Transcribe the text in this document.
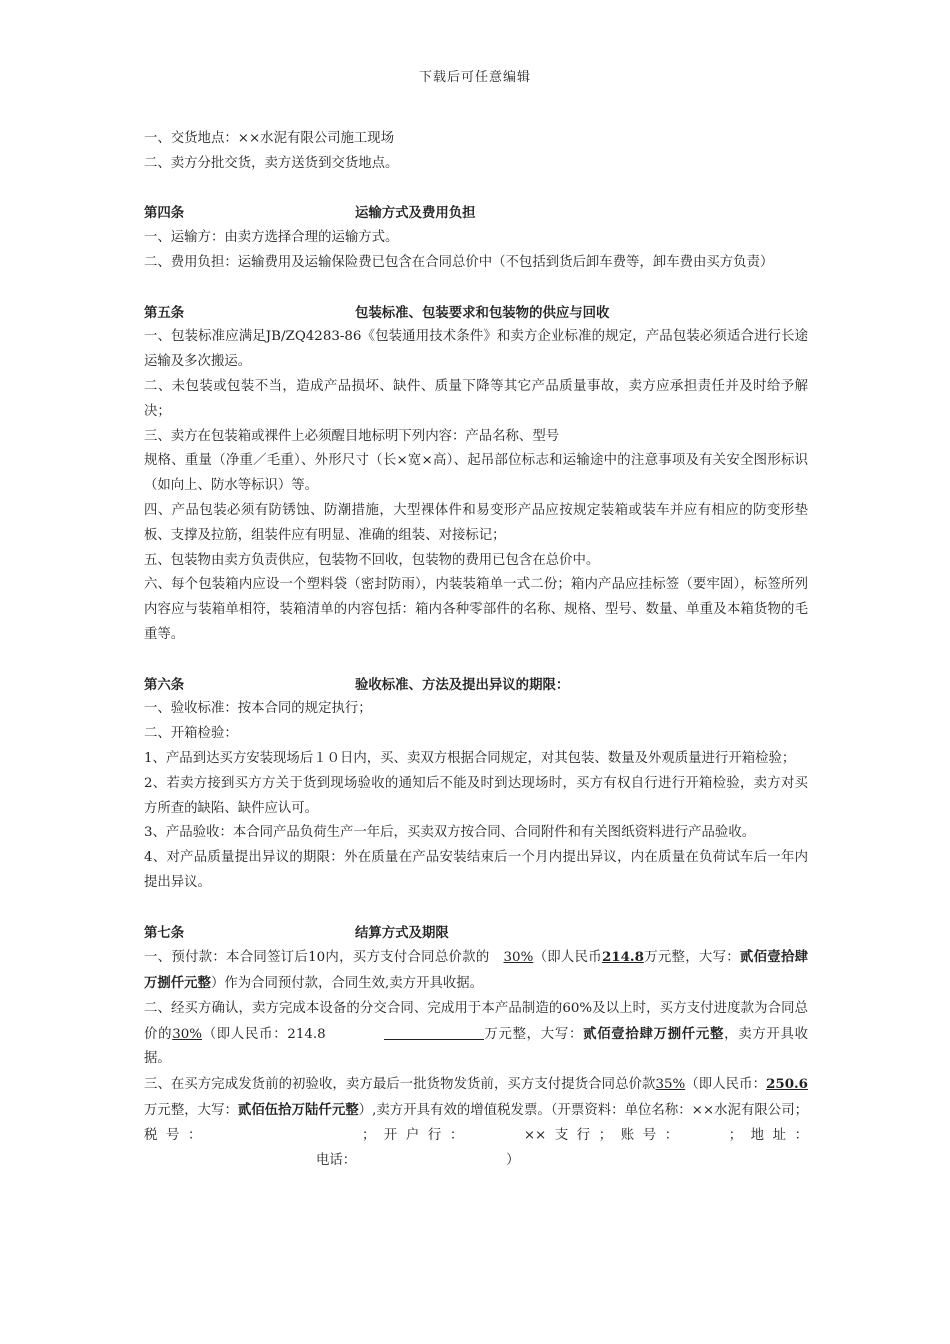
下载后可任意编辑

一、交货地点：××水泥有限公司施工现场

二、卖方分批交货，卖方送货到交货地点。

第四条	运输方式及费用负担

一、运输方：由卖方选择合理的运输方式。

二、费用负担：运输费用及运输保险费已包含在合同总价中（不包括到货后卸车费等，卸车费由买方负责）

第五条	包装标准、包装要求和包装物的供应与回收

一、包装标准应满足JB/ZQ4283-86《包装通用技术条件》和卖方企业标准的规定，产品包装必须适合进行长途运输及多次搬运。

二、未包装或包装不当，造成产品损坏、缺件、质量下降等其它产品质量事故，卖方应承担责任并及时给予解决；

三、卖方在包装箱或裸件上必须醒目地标明下列内容：产品名称、型号

规格、重量（净重／毛重）、外形尺寸（长×宽×高）、起吊部位标志和运输途中的注意事项及有关安全图形标识（如向上、防水等标识）等。

四、产品包装必须有防锈蚀、防潮措施，大型裸体件和易变形产品应按规定装箱或装车并应有相应的防变形垫板、支撑及拉筋，组装件应有明显、准确的组装、对接标记；

五、包装物由卖方负责供应，包装物不回收，包装物的费用已包含在总价中。

六、每个包装箱内应设一个塑料袋（密封防雨），内装装箱单一式二份；箱内产品应挂标签（要牢固），标签所列内容应与装箱单相符，装箱清单的内容包括：箱内各种零部件的名称、规格、型号、数量、单重及本箱货物的毛重等。

第六条	验收标准、方法及提出异议的期限：

一、验收标准：按本合同的规定执行；

二、开箱检验：

1、产品到达买方安装现场后１０日内，买、卖双方根据合同规定，对其包装、数量及外观质量进行开箱检验；

2、若卖方接到买方方关于货到现场验收的通知后不能及时到达现场时，买方有权自行进行开箱检验，卖方对买方所查的缺陷、缺件应认可。

3、产品验收：本合同产品负荷生产一年后，买卖双方按合同、合同附件和有关图纸资料进行产品验收。

4、对产品质量提出异议的期限：外在质量在产品安装结束后一个月内提出异议，内在质量在负荷试车后一年内提出异议。

第七条	结算方式及期限

一、预付款：本合同签订后10内，买方支付合同总价款的 30%（即人民币214.8万元整，大写：贰佰壹拾肆万捌仟元整）作为合同预付款，合同生效,卖方开具收据。

二、经买方确认，卖方完成本设备的分交合同、完成用于本产品制造的60%及以上时，买方支付进度款为合同总价的30%（即人民币：214.8	万元整，大写：贰佰壹拾肆万捌仟元整，卖方开具收据。

三、在买方完成发货前的初验收，卖方最后一批货物发货前，买方支付提货合同总价款35%（即人民币：250.6万元整，大写：贰佰伍拾万陆仟元整）,卖方开具有效的增值税发票。（开票资料：单位名称：××水泥有限公司；税号：	；开户行：	××支行；账号：	；地址：电话：	）
